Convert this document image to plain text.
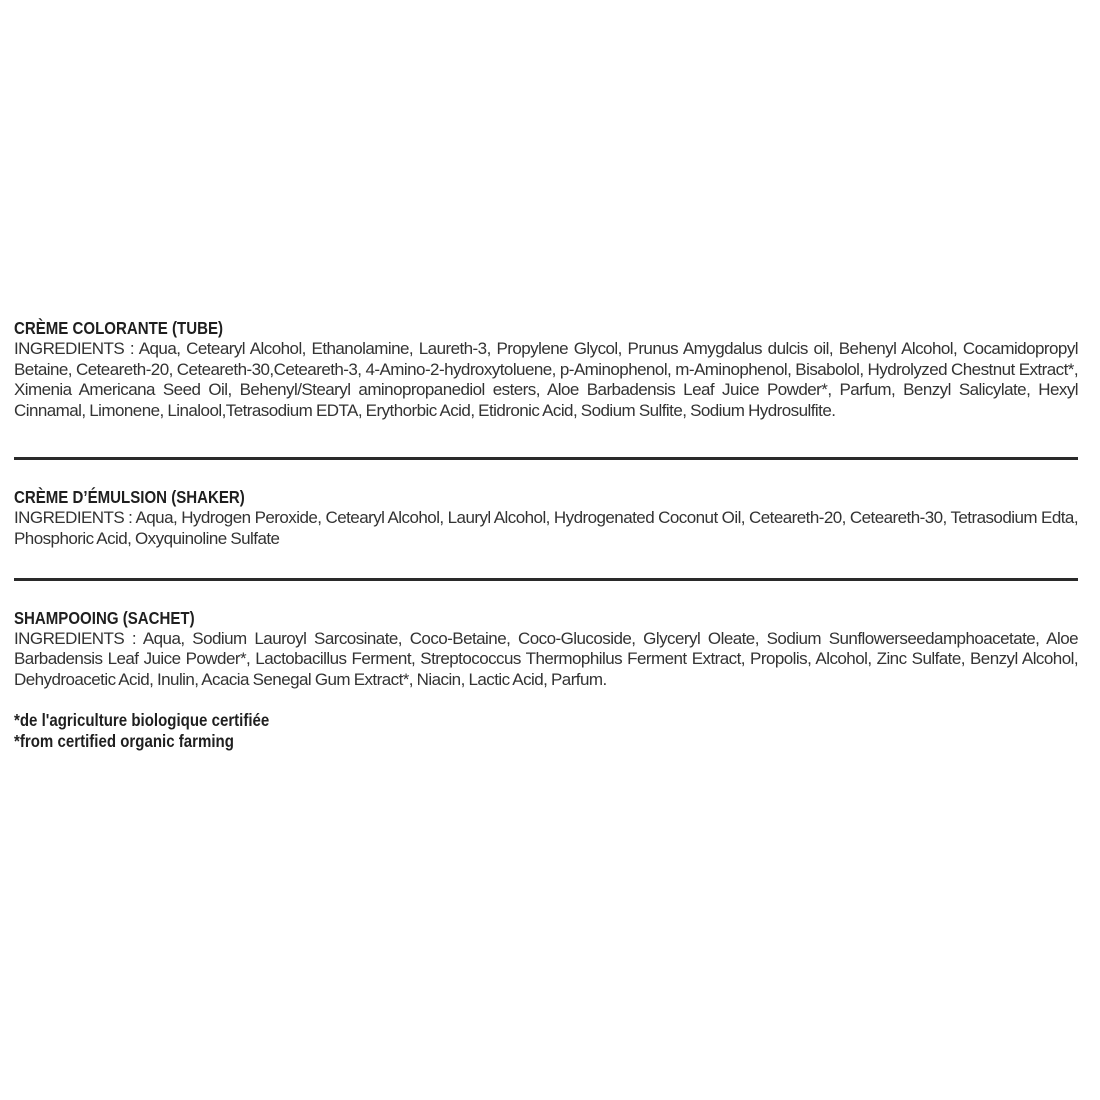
CRÈME COLORANTE (TUBE)

INGREDIENTS : Aqua, Cetearyl Alcohol, Ethanolamine, Laureth-3, Propylene Glycol, Prunus Amygdalus dulcis oil, Behenyl Alcohol, Cocamidopropyl Betaine, Ceteareth-20, Ceteareth-30,Ceteareth-3, 4-Amino-2-hydroxytoluene, p-Aminophenol, m-Aminophenol, Bisabolol, Hydrolyzed Chestnut Extract*, Ximenia Americana Seed Oil, Behenyl/Stearyl aminopropanediol esters, Aloe Barbadensis Leaf Juice Powder*, Parfum, Benzyl Salicylate, Hexyl Cinnamal, Limonene, Linalool,Tetrasodium EDTA, Erythorbic Acid, Etidronic Acid, Sodium Sulfite, Sodium Hydrosulfite.

CRÈME D’ÉMULSION (SHAKER)

INGREDIENTS : Aqua, Hydrogen Peroxide, Cetearyl Alcohol, Lauryl Alcohol, Hydrogenated Coconut Oil, Ceteareth-20, Ceteareth-30, Tetrasodium Edta, Phosphoric Acid, Oxyquinoline Sulfate

SHAMPOOING (SACHET)

INGREDIENTS : Aqua, Sodium Lauroyl Sarcosinate, Coco-Betaine, Coco-Glucoside, Glyceryl Oleate, Sodium Sunflowerseedamphoacetate, Aloe Barbadensis Leaf Juice Powder*, Lactobacillus Ferment, Streptococcus Thermophilus Ferment Extract, Propolis, Alcohol, Zinc Sulfate, Benzyl Alcohol, Dehydroacetic Acid, Inulin, Acacia Senegal Gum Extract*, Niacin, Lactic Acid, Parfum.

*de l'agriculture biologique certifiée

*from certified organic farming
